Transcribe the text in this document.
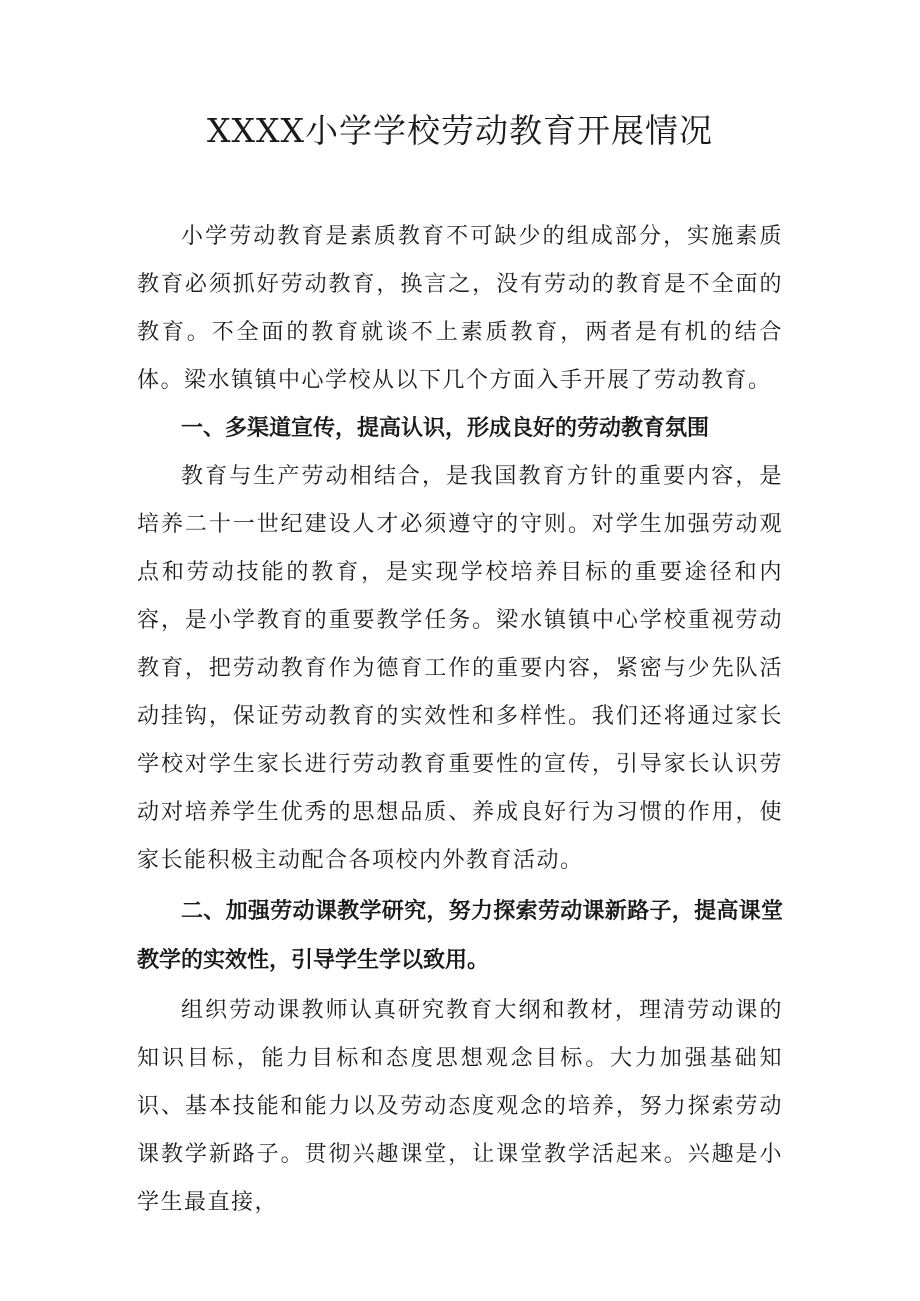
XXXX小学学校劳动教育开展情况

小学劳动教育是素质教育不可缺少的组成部分，实施素质教育必须抓好劳动教育，换言之，没有劳动的教育是不全面的教育。不全面的教育就谈不上素质教育，两者是有机的结合体。梁水镇镇中心学校从以下几个方面入手开展了劳动教育。

一、多渠道宣传，提高认识，形成良好的劳动教育氛围

教育与生产劳动相结合，是我国教育方针的重要内容，是培养二十一世纪建设人才必须遵守的守则。对学生加强劳动观点和劳动技能的教育，是实现学校培养目标的重要途径和内容，是小学教育的重要教学任务。梁水镇镇中心学校重视劳动教育，把劳动教育作为德育工作的重要内容，紧密与少先队活动挂钩，保证劳动教育的实效性和多样性。我们还将通过家长学校对学生家长进行劳动教育重要性的宣传，引导家长认识劳动对培养学生优秀的思想品质、养成良好行为习惯的作用，使家长能积极主动配合各项校内外教育活动。

二、加强劳动课教学研究，努力探索劳动课新路子，提高课堂教学的实效性，引导学生学以致用。

组织劳动课教师认真研究教育大纲和教材，理清劳动课的知识目标，能力目标和态度思想观念目标。大力加强基础知识、基本技能和能力以及劳动态度观念的培养，努力探索劳动课教学新路子。贯彻兴趣课堂，让课堂教学活起来。兴趣是小学生最直接，
